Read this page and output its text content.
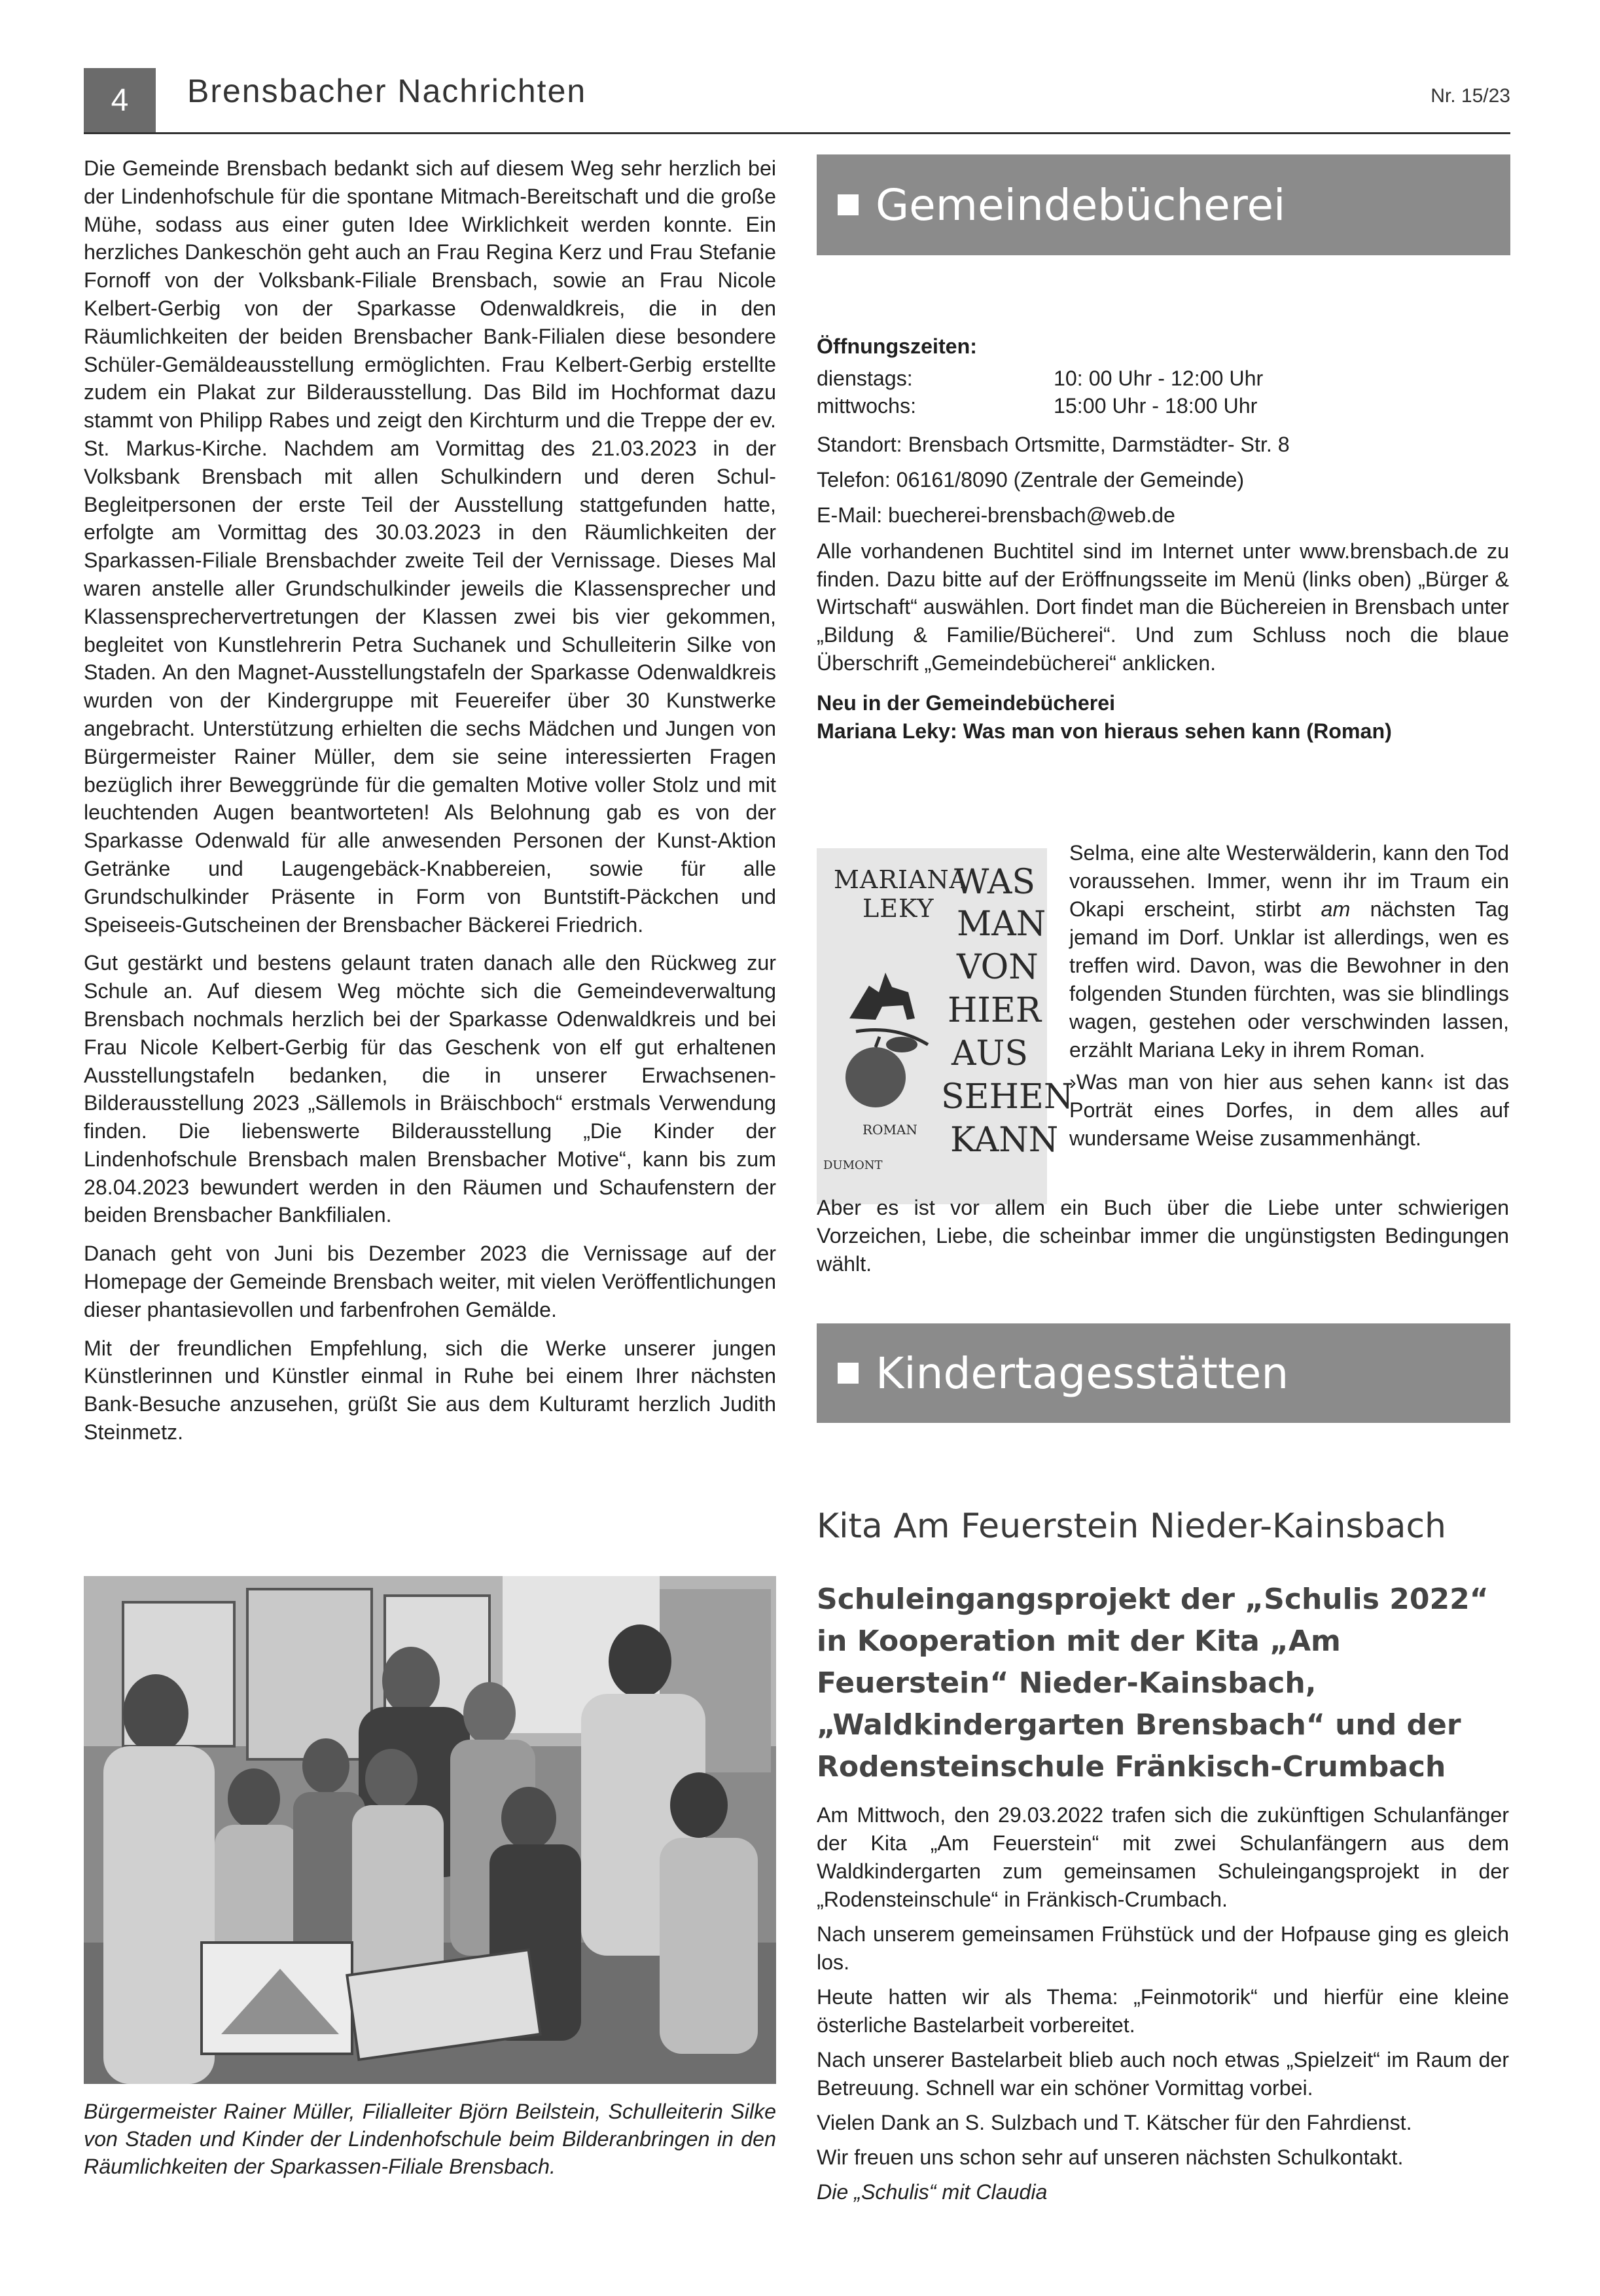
4	Brensbacher Nachrichten	Nr. 15/23

Die Gemeinde Brensbach bedankt sich auf diesem Weg sehr herzlich bei der Lindenhofschule für die spontane Mitmach-Bereitschaft und die große Mühe, sodass aus einer guten Idee Wirklichkeit werden konnte. Ein herzliches Dankeschön geht auch an Frau Regina Kerz und Frau Stefanie Fornoff von der Volksbank-Filiale Brensbach, sowie an Frau Nicole Kelbert-Gerbig von der Sparkasse Odenwaldkreis, die in den Räumlichkeiten der beiden Brensbacher Bank-Filialen diese besondere Schüler-Gemäldeausstellung ermöglichten. Frau Kelbert-Gerbig erstellte zudem ein Plakat zur Bilderausstellung. Das Bild im Hochformat dazu stammt von Philipp Rabes und zeigt den Kirchturm und die Treppe der ev. St. Markus-Kirche. Nachdem am Vormittag des 21.03.2023 in der Volksbank Brensbach mit allen Schulkindern und deren Schul-Begleitpersonen der erste Teil der Ausstellung stattgefunden hatte, erfolgte am Vormittag des 30.03.2023 in den Räumlichkeiten der Sparkassen-Filiale Brensbachder zweite Teil der Vernissage. Dieses Mal waren anstelle aller Grundschulkinder jeweils die Klassensprecher und Klassensprechervertretungen der Klassen zwei bis vier gekommen, begleitet von Kunstlehrerin Petra Suchanek und Schulleiterin Silke von Staden. An den Magnet-Ausstellungstafeln der Sparkasse Odenwaldkreis wurden von der Kindergruppe mit Feuereifer über 30 Kunstwerke angebracht. Unterstützung erhielten die sechs Mädchen und Jungen von Bürgermeister Rainer Müller, dem sie seine interessierten Fragen bezüglich ihrer Beweggründe für die gemalten Motive voller Stolz und mit leuchtenden Augen beantworteten! Als Belohnung gab es von der Sparkasse Odenwald für alle anwesenden Personen der Kunst-Aktion Getränke und Laugengebäck-Knabbereien, sowie für alle Grundschulkinder Präsente in Form von Buntstift-Päckchen und Speiseeis-Gutscheinen der Brensbacher Bäckerei Friedrich.

Gut gestärkt und bestens gelaunt traten danach alle den Rückweg zur Schule an. Auf diesem Weg möchte sich die Gemeindeverwaltung Brensbach nochmals herzlich bei der Sparkasse Odenwaldkreis und bei Frau Nicole Kelbert-Gerbig für das Geschenk von elf gut erhaltenen Ausstellungstafeln bedanken, die in unserer Erwachsenen-Bilderausstellung 2023 „Sällemols in Bräischboch“ erstmals Verwendung finden. Die liebenswerte Bilderausstellung „Die Kinder der Lindenhofschule Brensbach malen Brensbacher Motive“, kann bis zum 28.04.2023 bewundert werden in den Räumen und Schaufenstern der beiden Brensbacher Bankfilialen.

Danach geht von Juni bis Dezember 2023 die Vernissage auf der Homepage der Gemeinde Brensbach weiter, mit vielen Veröffentlichungen dieser phantasievollen und farbenfrohen Gemälde.

Mit der freundlichen Empfehlung, sich die Werke unserer jungen Künstlerinnen und Künstler einmal in Ruhe bei einem Ihrer nächsten Bank-Besuche anzusehen, grüßt Sie aus dem Kulturamt herzlich Judith Steinmetz.

Bürgermeister Rainer Müller, Filialleiter Björn Beilstein, Schulleiterin Silke von Staden und Kinder der Lindenhofschule beim Bilderanbringen in den Räumlichkeiten der Sparkassen-Filiale Brensbach.
Gemeindebücherei
Öffnungszeiten:
dienstags:	10: 00 Uhr - 12:00 Uhr
mittwochs:	15:00 Uhr - 18:00 Uhr

Standort: Brensbach Ortsmitte, Darmstädter- Str. 8

Telefon: 06161/8090 (Zentrale der Gemeinde)

E-Mail: buecherei-brensbach@web.de

Alle vorhandenen Buchtitel sind im Internet unter www.brensbach.de zu finden. Dazu bitte auf der Eröffnungsseite im Menü (links oben) „Bürger & Wirtschaft“ auswählen. Dort findet man die Büchereien in Brensbach unter „Bildung & Familie/Bücherei“. Und zum Schluss noch die blaue Überschrift „Gemeindebücherei“ anklicken.

Neu in der Gemeindebücherei
Mariana Leky: Was man von hieraus sehen kann (Roman)
MARIANA
LEKY
WAS
MAN
VON
HIER
AUS
SEHEN
KANN
ROMAN
DUMONT

Selma, eine alte Westerwälderin, kann den Tod voraussehen. Immer, wenn ihr im Traum ein Okapi erscheint, stirbt am nächsten Tag jemand im Dorf. Unklar ist allerdings, wen es treffen wird. Davon, was die Bewohner in den folgenden Stunden fürchten, was sie blindlings wagen, gestehen oder verschwinden lassen, erzählt Mariana Leky in ihrem Roman.

›Was man von hier aus sehen kann‹ ist das Porträt eines Dorfes, in dem alles auf wundersame Weise zusammenhängt.

Aber es ist vor allem ein Buch über die Liebe unter schwierigen Vorzeichen, Liebe, die scheinbar immer die ungünstigsten Bedingungen wählt.
Kindertagesstätten
Kita Am Feuerstein Nieder-Kainsbach
Schuleingangsprojekt der „Schulis 2022“ in Kooperation mit der Kita „Am Feuerstein“ Nieder-Kainsbach,„Waldkindergarten Brensbach“ und der Rodensteinschule Fränkisch-Crumbach

Am Mittwoch, den 29.03.2022 trafen sich die zukünftigen Schulanfänger der Kita „Am Feuerstein“ mit zwei Schulanfängern aus dem Waldkindergarten zum gemeinsamen Schuleingangsprojekt in der „Rodensteinschule“ in Fränkisch-Crumbach.

Nach unserem gemeinsamen Frühstück und der Hofpause ging es gleich los.

Heute hatten wir als Thema: „Feinmotorik“ und hierfür eine kleine österliche Bastelarbeit vorbereitet.

Nach unserer Bastelarbeit blieb auch noch etwas „Spielzeit“ im Raum der Betreuung. Schnell war ein schöner Vormittag vorbei.

Vielen Dank an S. Sulzbach und T. Kätscher für den Fahrdienst.

Wir freuen uns schon sehr auf unseren nächsten Schulkontakt.

Die „Schulis“ mit Claudia
